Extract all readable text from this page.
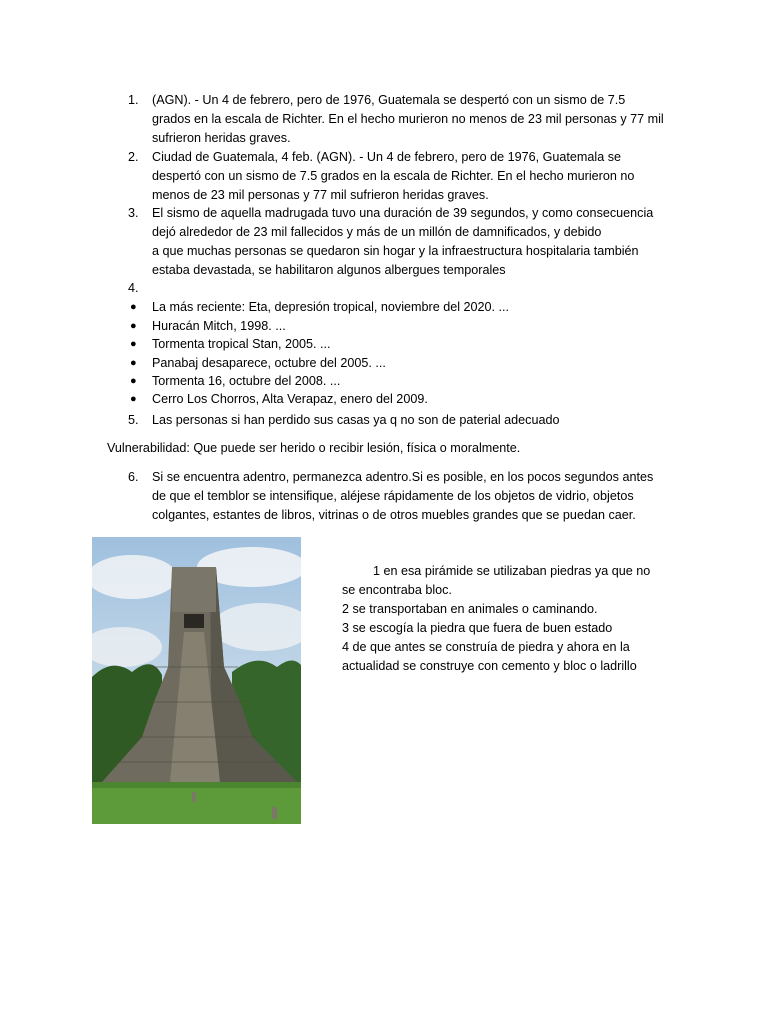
1.	(AGN). - Un 4 de febrero, pero de 1976, Guatemala se despertó con un sismo de 7.5
grados en la escala de Richter. En el hecho murieron no menos de 23 mil personas y 77 mil
sufrieron heridas graves.
2.	Ciudad de Guatemala, 4 feb. (AGN). - Un 4 de febrero, pero de 1976, Guatemala se
despertó con un sismo de 7.5 grados en la escala de Richter. En el hecho murieron no
menos de 23 mil personas y 77 mil sufrieron heridas graves.
3.	El sismo de aquella madrugada tuvo una duración de 39 segundos, y como consecuencia
dejó alrededor de 23 mil fallecidos y más de un millón de damnificados, y debido
a que muchas personas se quedaron sin hogar y la infraestructura hospitalaria también
estaba devastada, se habilitaron algunos albergues temporales
4.
● La más reciente: Eta, depresión tropical, noviembre del 2020. ...
● Huracán Mitch, 1998. ...
● Tormenta tropical Stan, 2005. ...
● Panabaj desaparece, octubre del 2005. ...
● Tormenta 16, octubre del 2008. ...
● Cerro Los Chorros, Alta Verapaz, enero del 2009.
5.	Las personas si han perdido sus casas ya q no son de paterial adecuado
Vulnerabilidad: Que puede ser herido o recibir lesión, física o moralmente.
6.	Si se encuentra adentro, permanezca adentro.Si es posible, en los pocos segundos antes
de que el temblor se intensifique, aléjese rápidamente de los objetos de vidrio, objetos
colgantes, estantes de libros, vitrinas o de otros muebles grandes que se puedan caer.
1 en esa pirámide se utilizaban piedras ya que no
se encontraba bloc.
2 se transportaban en animales o caminando.
3 se escogía la piedra que fuera de buen estado
4 de que antes se construía de piedra y ahora en la
actualidad se construye con cemento y bloc o ladrillo
